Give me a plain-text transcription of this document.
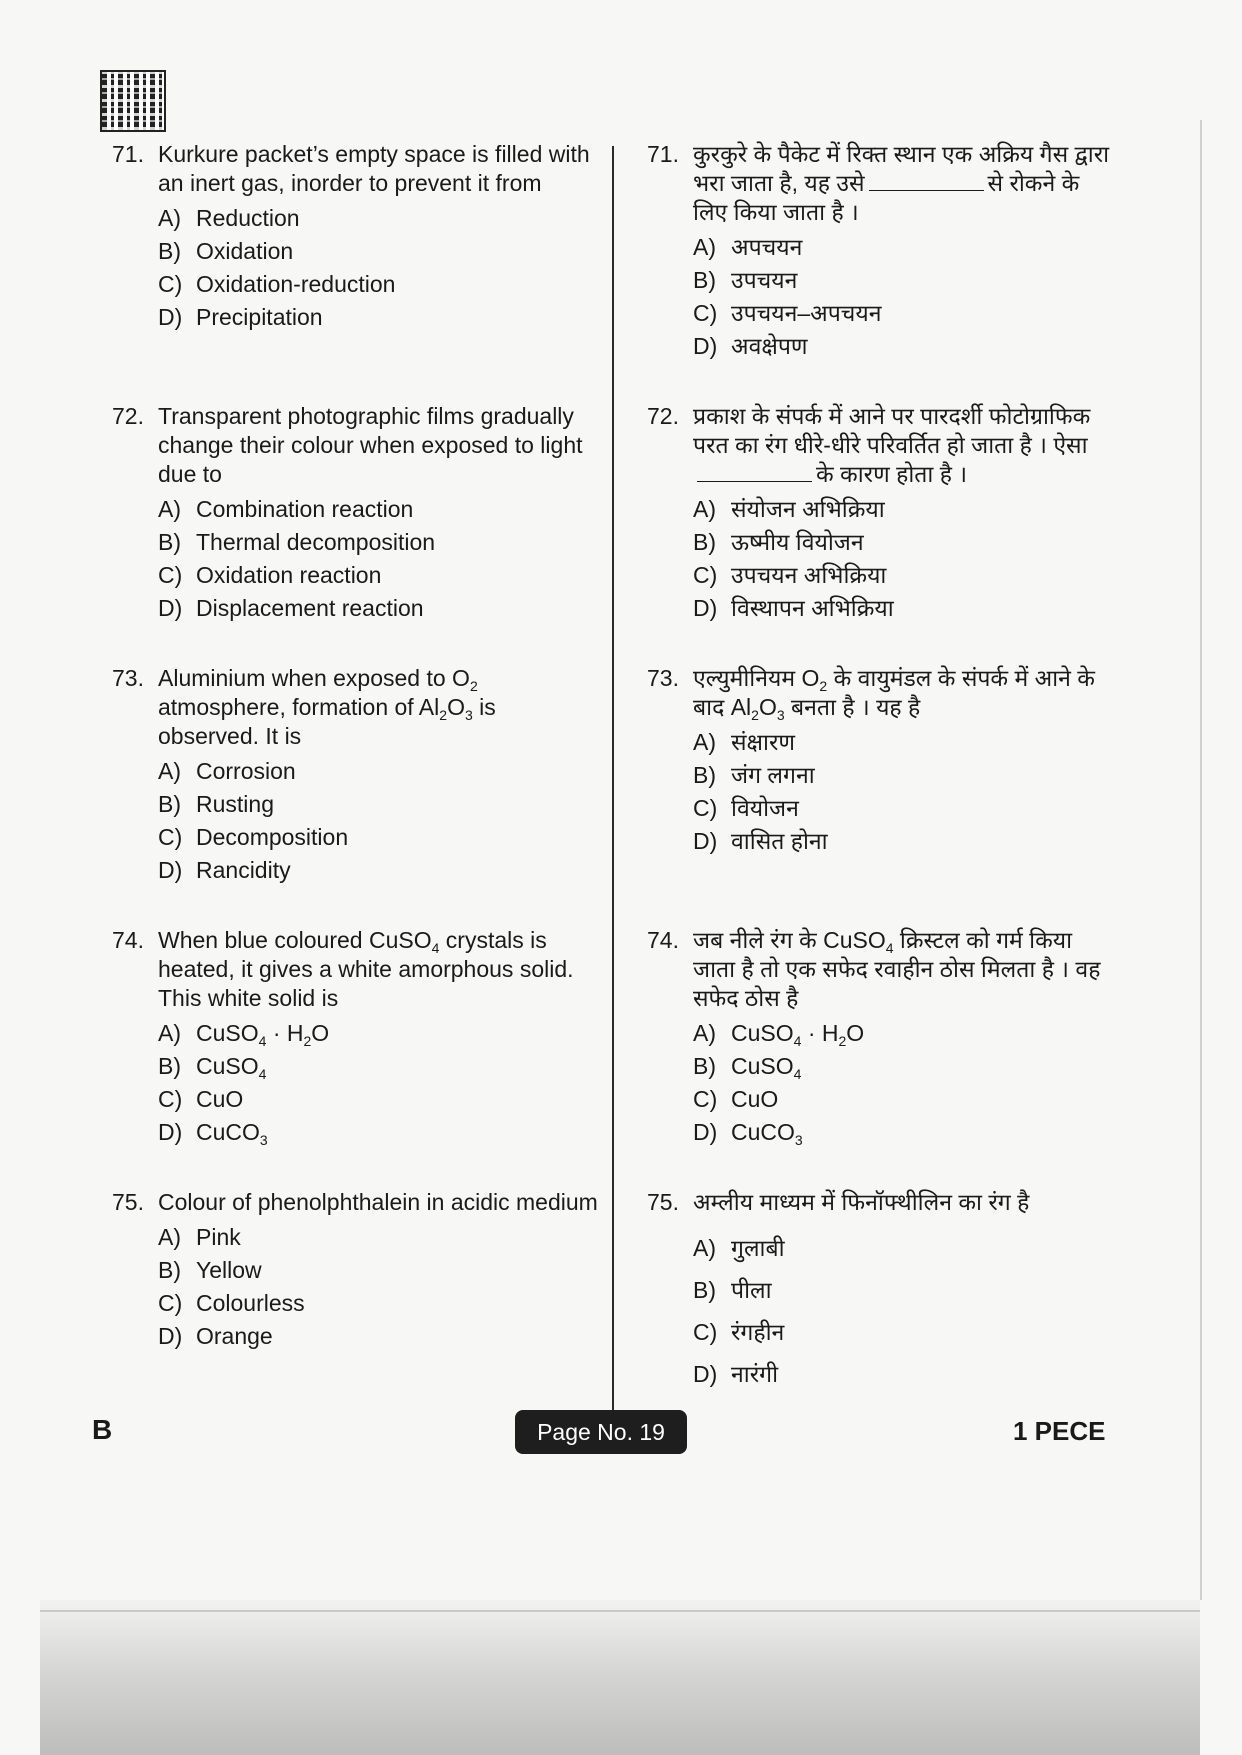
71. Kurkure packet’s empty space is filled with an inert gas, inorder to prevent it from
A) Reduction
B) Oxidation
C) Oxidation-reduction
D) Precipitation
72. Transparent photographic films gradually change their colour when exposed to light due to
A) Combination reaction
B) Thermal decomposition
C) Oxidation reaction
D) Displacement reaction
73. Aluminium when exposed to $O_2$ atmosphere, formation of $Al_2O_3$ is observed. It is
A) Corrosion
B) Rusting
C) Decomposition
D) Rancidity
74. When blue coloured CuSO$_4$ crystals is heated, it gives a white amorphous solid. This white solid is
A) CuSO$_4$ · $H_2O$
B) CuSO$_4$
C) CuO
D) CuCO$_3$
75. Colour of phenolphthalein in acidic medium
A) Pink
B) Yellow
C) Colourless
D) Orange
71. कुरकुरे के पैकेट में रिक्त स्थान एक अक्रिय गैस द्वारा भरा जाता है, यह उसे	से रोकने के लिए किया जाता है ।
A) अपचयन
B) उपचयन
C) उपचयन–अपचयन
D) अवक्षेपण
72. प्रकाश के संपर्क में आने पर पारदर्शी फोटोग्राफिक परत का रंग धीरे-धीरे परिवर्तित हो जाता है । ऐसाके कारण होता है ।
A) संयोजन अभिक्रिया
B) ऊष्मीय वियोजन
C) उपचयन अभिक्रिया
D) विस्थापन अभिक्रिया
73. एल्युमीनियम $O_2$ के वायुमंडल के संपर्क में आने के बाद $Al_2O_3$ बनता है । यह है
A) संक्षारण
B) जंग लगना
C) वियोजन
D) वासित होना
74. जब नीले रंग के CuSO$_4$ क्रिस्टल को गर्म किया जाता है तो एक सफेद रवाहीन ठोस मिलता है । वह सफेद ठोस है
A) CuSO$_4$ · $H_2O$
B) CuSO$_4$
C) CuO
D) CuCO$_3$
75. अम्लीय माध्यम में फिनॉफ्थीलिन का रंग है
A) गुलाबी
B) पीला
C) रंगहीन
D) नारंगी
B	Page No. 19	1 PECE
